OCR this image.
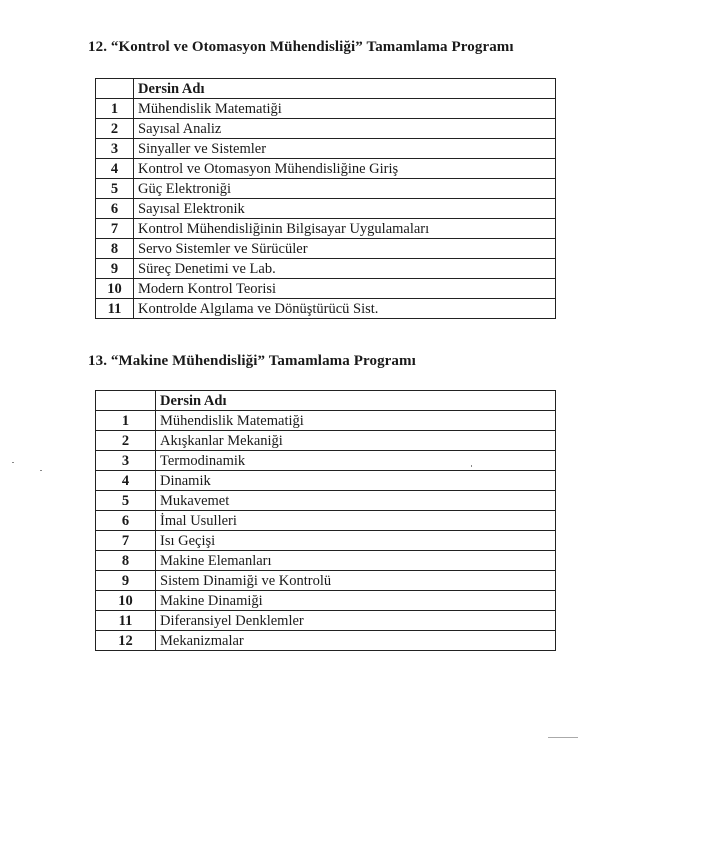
12. “Kontrol ve Otomasyon Mühendisliği” Tamamlama Programı
	Dersin Adı
1	Mühendislik Matematiği
2	Sayısal Analiz
3	Sinyaller ve Sistemler
4	Kontrol ve Otomasyon Mühendisliğine Giriş
5	Güç Elektroniği
6	Sayısal Elektronik
7	Kontrol Mühendisliğinin Bilgisayar Uygulamaları
8	Servo Sistemler ve Sürücüler
9	Süreç Denetimi ve Lab.
10	Modern Kontrol Teorisi
11	Kontrolde Algılama ve Dönüştürücü Sist.
13. “Makine Mühendisliği” Tamamlama Programı
	Dersin Adı
1	Mühendislik Matematiği
2	Akışkanlar Mekaniği
3	Termodinamik
4	Dinamik
5	Mukavemet
6	İmal Usulleri
7	Isı Geçişi
8	Makine Elemanları
9	Sistem Dinamiği ve Kontrolü
10	Makine Dinamiği
11	Diferansiyel Denklemler
12	Mekanizmalar
